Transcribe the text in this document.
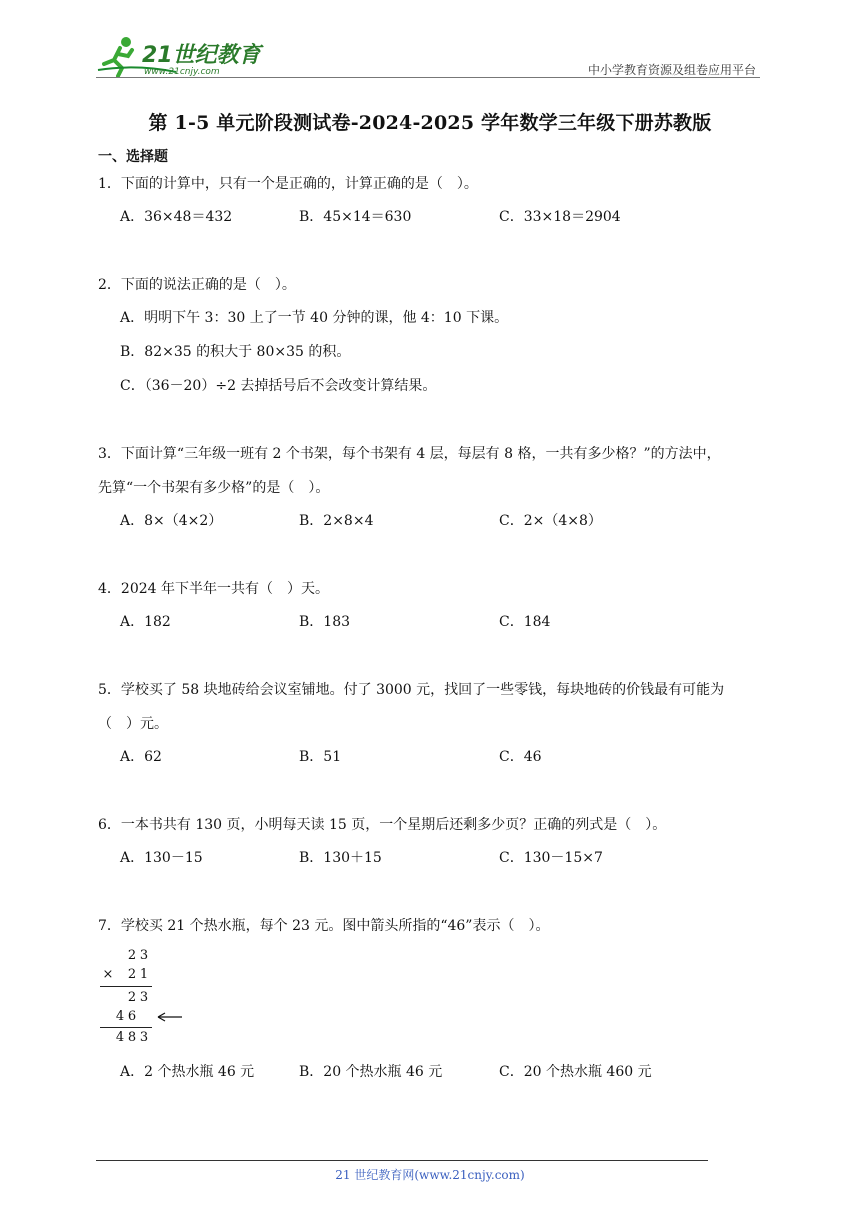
21世纪教育
www.21cnjy.com	中小学教育资源及组卷应用平台
第 1-5 单元阶段测试卷-2024-2025 学年数学三年级下册苏教版
一、选择题
1．下面的计算中，只有一个是正确的，计算正确的是（　）。
A．36×48＝432	B．45×14＝630	C．33×18＝2904
2．下面的说法正确的是（　）。
A．明明下午 3：30 上了一节 40 分钟的课，他 4：10 下课。
B．82×35 的积大于 80×35 的积。
C．（36－20）÷2 去掉括号后不会改变计算结果。
3．下面计算“三年级一班有 2 个书架，每个书架有 4 层，每层有 8 格，一共有多少格？”的方法中，
先算“一个书架有多少格”的是（　）。
A．8×（4×2）	B．2×8×4	C．2×（4×8）
4．2024 年下半年一共有（　）天。
A．182	B．183	C．184
5．学校买了 58 块地砖给会议室铺地。付了 3000 元，找回了一些零钱，每块地砖的价钱最有可能为
（　）元。
A．62	B．51	C．46
6．一本书共有 130 页，小明每天读 15 页，一个星期后还剩多少页？正确的列式是（　）。
A．130－15	B．130＋15	C．130－15×7
7．学校买 21 个热水瓶，每个 23 元。图中箭头所指的“46”表示（　）。
2 3
× 2 1
2 3
4 6
4 8 3
A．2 个热水瓶 46 元	B．20 个热水瓶 46 元	C．20 个热水瓶 460 元
21 世纪教育网(www.21cnjy.com)
